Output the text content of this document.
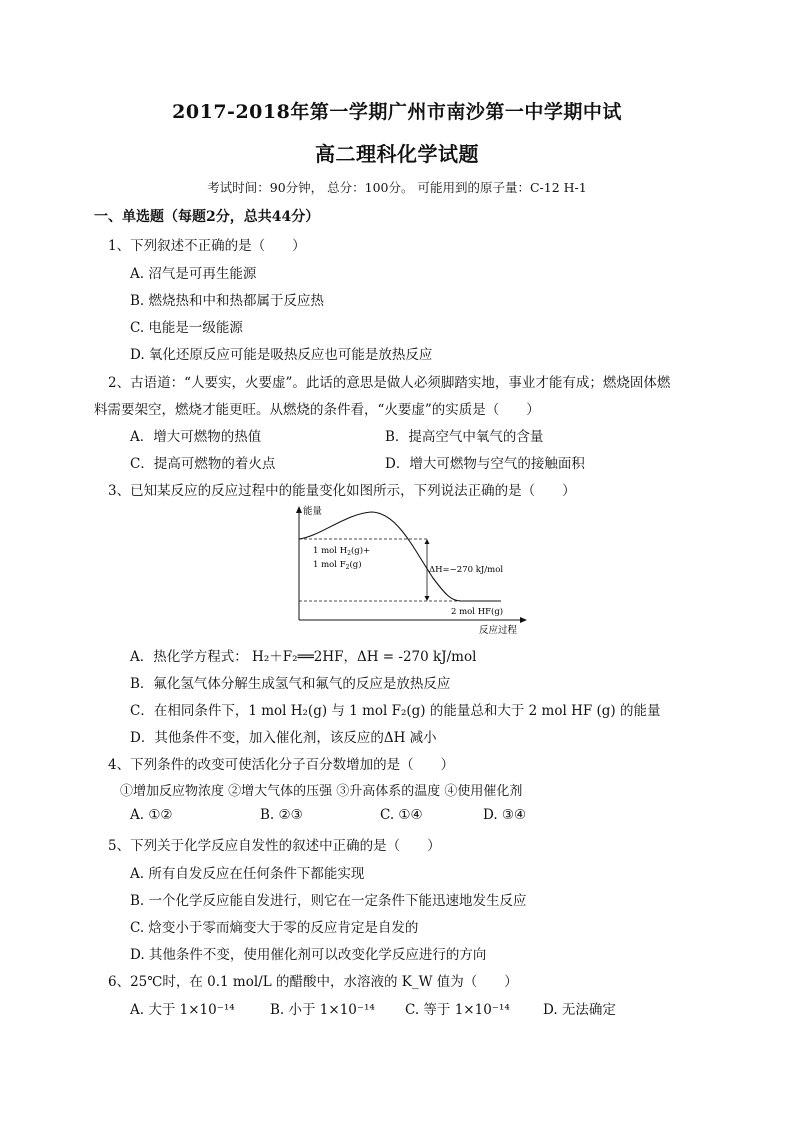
2017-2018年第一学期广州市南沙第一中学期中试
高二理科化学试题
考试时间：90分钟， 总分：100分。 可能用到的原子量：C-12 H-1
一、单选题（每题2分，总共44分）
1、下列叙述不正确的是（　　）
A. 沼气是可再生能源
B. 燃烧热和中和热都属于反应热
C. 电能是一级能源
D. 氧化还原反应可能是吸热反应也可能是放热反应
2、古语道：“人要实，火要虚”。此话的意思是做人必须脚踏实地，事业才能有成；燃烧固体燃
料需要架空，燃烧才能更旺。从燃烧的条件看，“火要虚”的实质是（　　）
A．增大可燃物的热值	B．提高空气中氧气的含量
C．提高可燃物的着火点	D．增大可燃物与空气的接触面积
3、已知某反应的反应过程中的能量变化如图所示，下列说法正确的是（　　）
能量
反应过程
1 mol $H_2(g)+$
1 mol $F_2(g)$	ΔH=−270 kJ/mol
2 mol HF(g)
A．热化学方程式： H₂＋F₂══2HF，ΔH = -270 kJ/mol
B．氟化氢气体分解生成氢气和氟气的反应是放热反应
C．在相同条件下，1 mol H₂(g) 与 1 mol F₂(g) 的能量总和大于 2 mol HF (g) 的能量
D．其他条件不变，加入催化剂，该反应的ΔH 减小
4、下列条件的改变可使活化分子百分数增加的是（　　）
①增加反应物浓度 ②增大气体的压强 ③升高体系的温度 ④使用催化剂
A. ①②	B. ②③	C. ①④	D. ③④
5、下列关于化学反应自发性的叙述中正确的是（　　）
A. 所有自发反应在任何条件下都能实现
B. 一个化学反应能自发进行，则它在一定条件下能迅速地发生反应
C. 焓变小于零而熵变大于零的反应肯定是自发的
D. 其他条件不变，使用催化剂可以改变化学反应进行的方向
6、25℃时，在 0.1 mol/L 的醋酸中，水溶液的 K_W 值为（　　）
A. 大于 1×10⁻¹⁴	B. 小于 1×10⁻¹⁴ C. 等于 1×10⁻¹⁴ D. 无法确定
